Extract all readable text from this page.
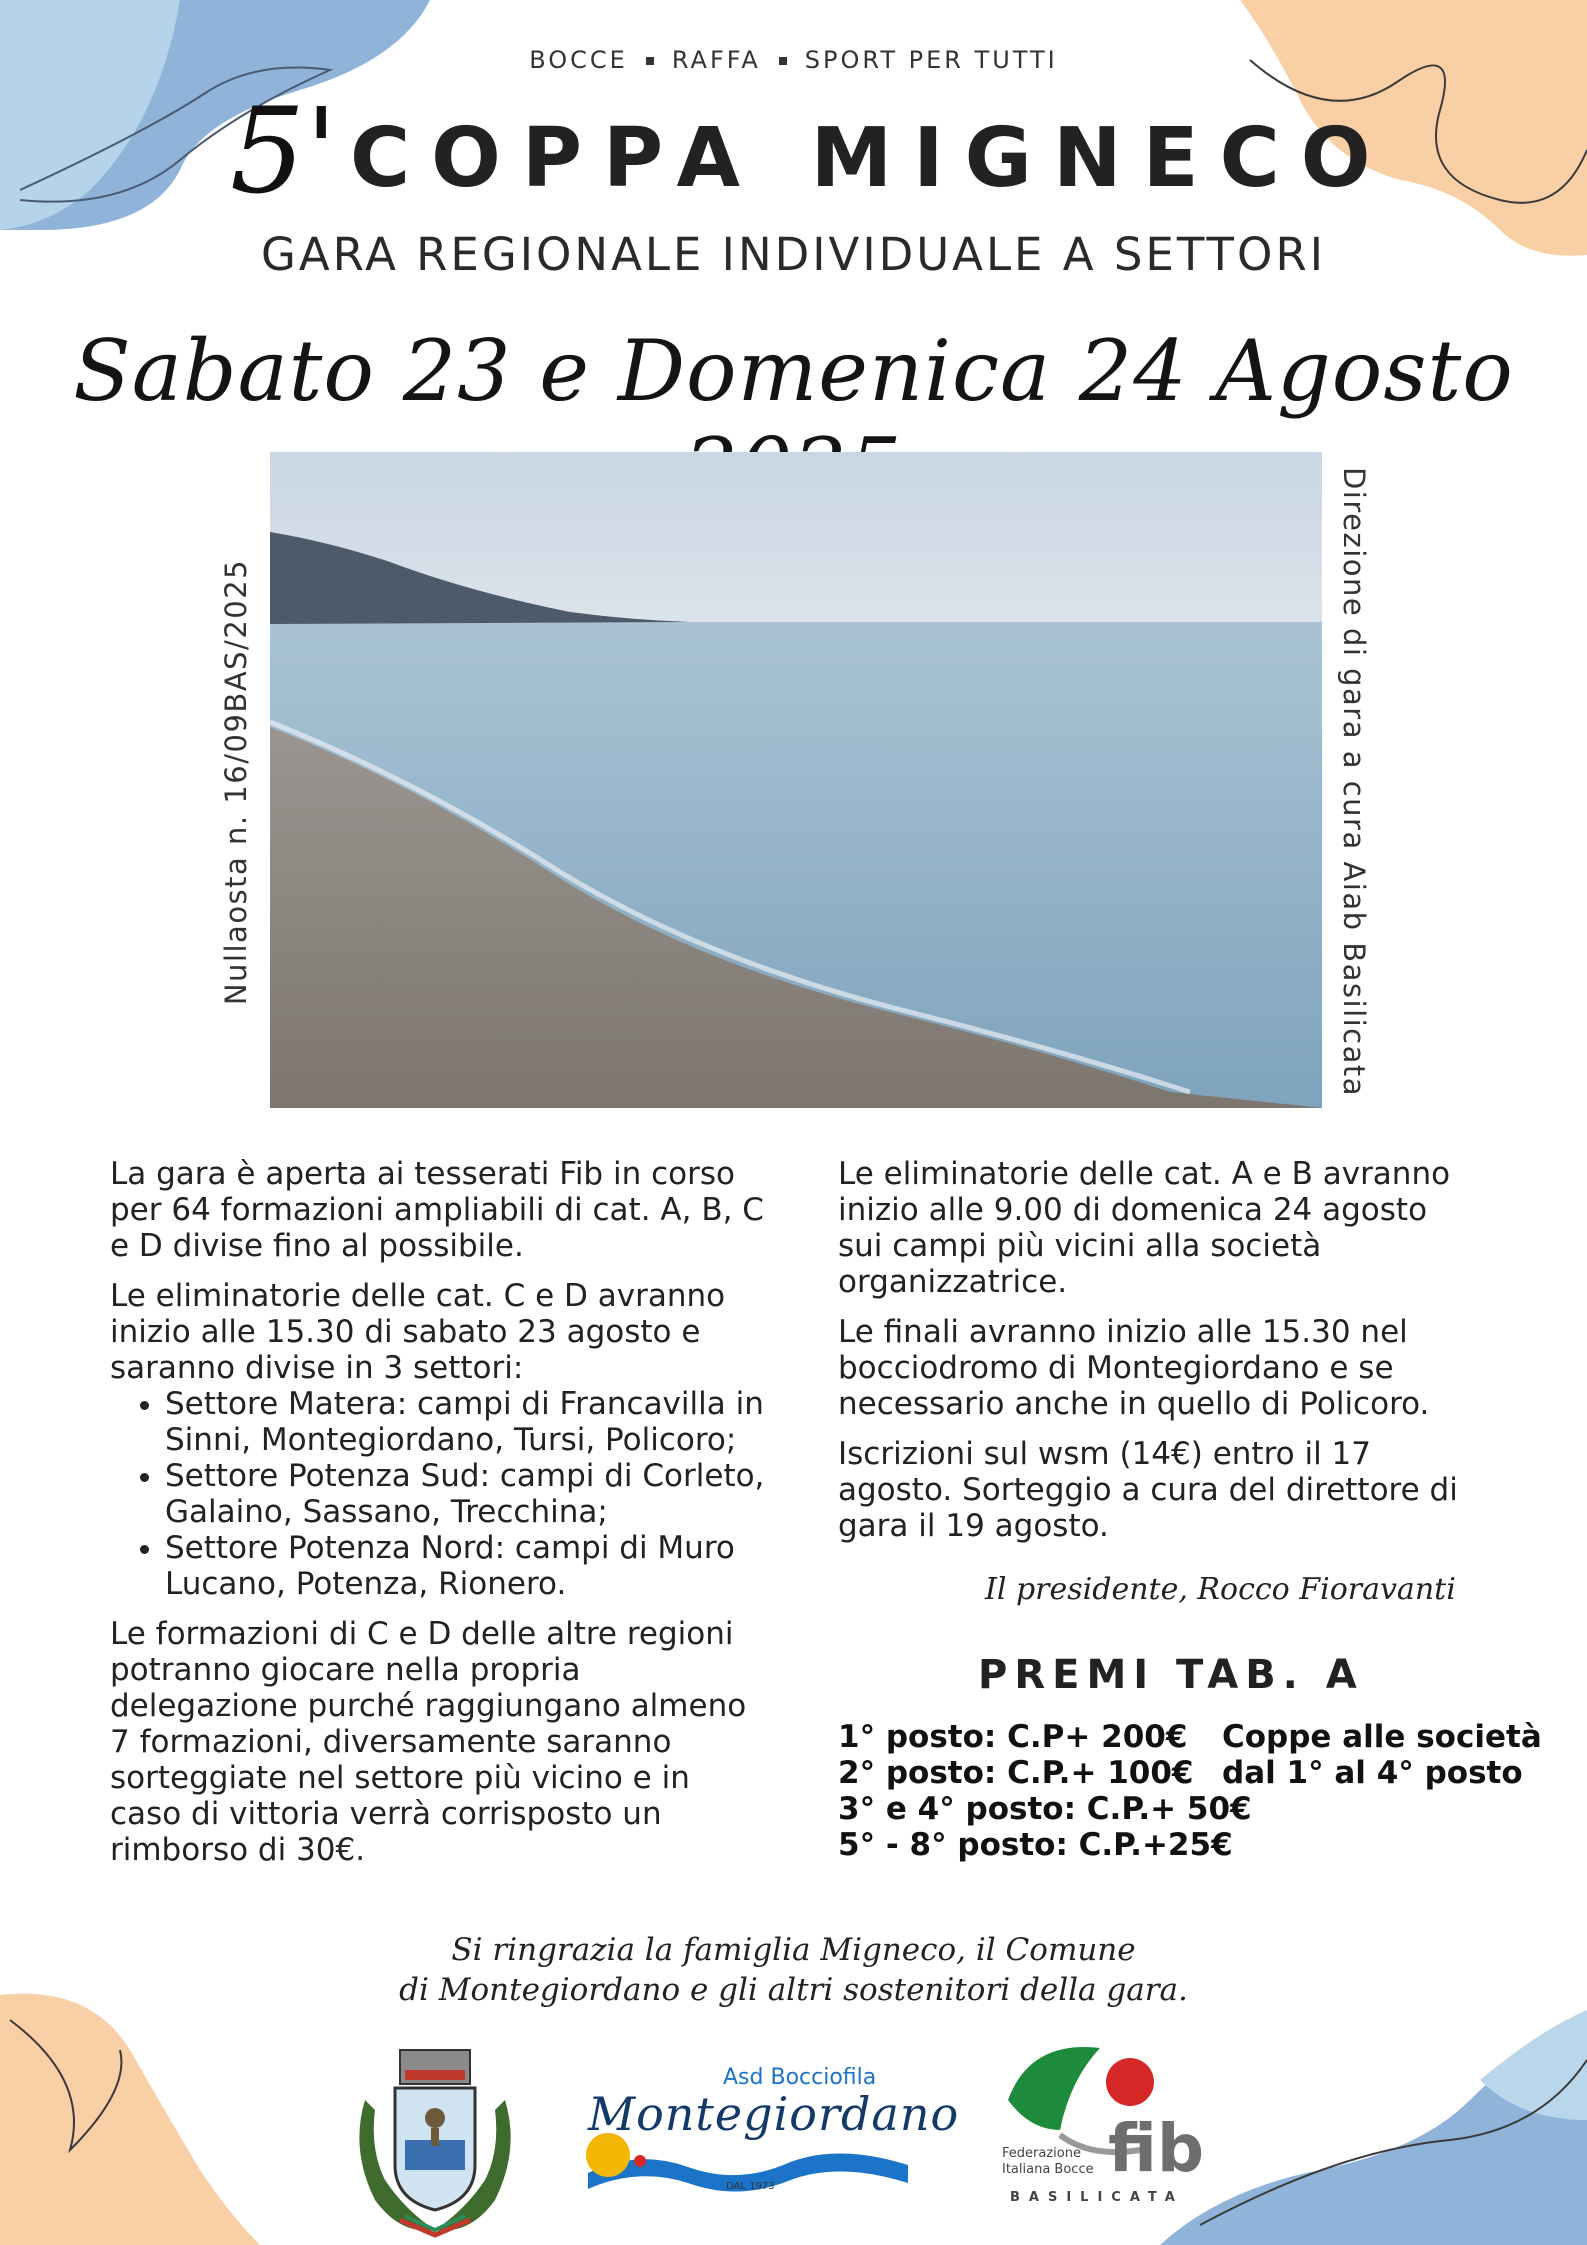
BOCCE RAFFA SPORT PER TUTTI
5' COPPA MIGNECO
GARA REGIONALE INDIVIDUALE A SETTORI
Sabato 23 e Domenica 24 Agosto
Nullaosta n. 16/09BAS/2025	Direzione di gara a cura Aiab Basilicata

La gara è aperta ai tesserati Fib in corso per 64 formazioni ampliabili di cat. A, B, C e D divise fino al possibile.

Le eliminatorie delle cat. C e D avranno inizio alle 15.30 di sabato 23 agosto e saranno divise in 3 settori:

• Settore Matera: campi di Francavilla in Sinni, Montegiordano, Tursi, Policoro;
• Settore Potenza Sud: campi di Corleto, Galaino, Sassano, Trecchina;
• Settore Potenza Nord: campi di Muro Lucano, Potenza, Rionero.

Le formazioni di C e D delle altre regioni potranno giocare nella propria delegazione purché raggiungano almeno 7 formazioni, diversamente saranno sorteggiate nel settore più vicino e in caso di vittoria verrà corrisposto un rimborso di 30€.

Le eliminatorie delle cat. A e B avranno inizio alle 9.00 di domenica 24 agosto sui campi più vicini alla società organizzatrice.

Le finali avranno inizio alle 15.30 nel bocciodromo di Montegiordano e se necessario anche in quello di Policoro.

Iscrizioni sul wsm (14€) entro il 17 agosto. Sorteggio a cura del direttore di gara il 19 agosto.

Il presidente, Rocco Fioravanti
PREMI TAB. A
1° posto: C.P+ 200€
2° posto: C.P.+ 100€
3° e 4° posto: C.P.+ 50€
5° - 8° posto: C.P.+25€
Coppe alle società
dal 1° al 4° posto
Si ringrazia la famiglia Migneco, il Comune
di Montegiordano e gli altri sostenitori della gara.
Asd Bocciofila
Montegiordano
DAL 1973	fib
Federazione
Italiana Bocce
BASILICATA
